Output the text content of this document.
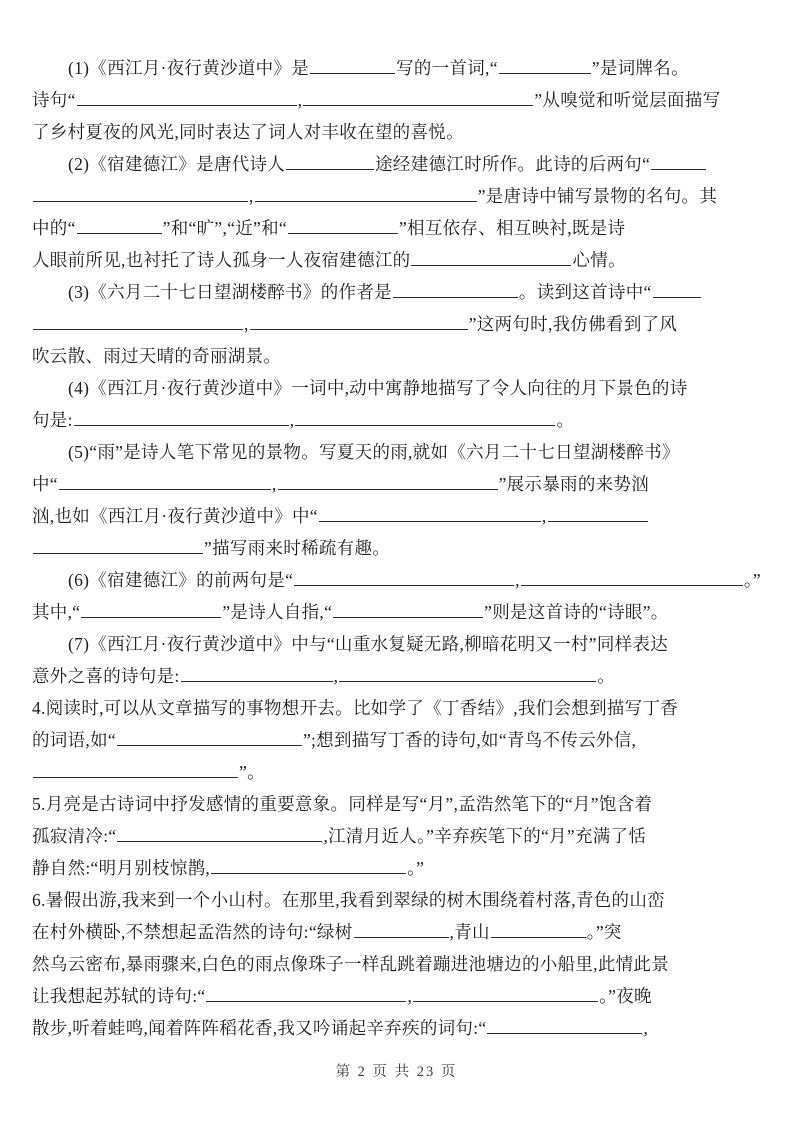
(1)《西江月·夜行黄沙道中》是	写的一首词,“	”是词牌名。
诗句“	,	”从嗅觉和听觉层面描写
了乡村夏夜的风光,同时表达了词人对丰收在望的喜悦。
(2)《宿建德江》是唐代诗人	途经建德江时所作。此诗的后两句“
,	”是唐诗中铺写景物的名句。其
中的“	”和“旷”,“近”和“	”相互依存、相互映衬,既是诗
人眼前所见,也衬托了诗人孤身一人夜宿建德江的	心情。
(3)《六月二十七日望湖楼醉书》的作者是	。读到这首诗中“
,	”这两句时,我仿佛看到了风
吹云散、雨过天晴的奇丽湖景。
(4)《西江月·夜行黄沙道中》一词中,动中寓静地描写了令人向往的月下景色的诗
句是:	,	。
(5)“雨”是诗人笔下常见的景物。写夏天的雨,就如《六月二十七日望湖楼醉书》
中“	,	”展示暴雨的来势汹
汹,也如《西江月·夜行黄沙道中》中“	,
”描写雨来时稀疏有趣。
(6)《宿建德江》的前两句是“	,	。”
其中,“	”是诗人自指,“	”则是这首诗的“诗眼”。
(7)《西江月·夜行黄沙道中》中与“山重水复疑无路,柳暗花明又一村”同样表达
意外之喜的诗句是:	,	。
4.阅读时,可以从文章描写的事物想开去。比如学了《丁香结》,我们会想到描写丁香
的词语,如“	”;想到描写丁香的诗句,如“青鸟不传云外信,
”。
5.月亮是古诗词中抒发感情的重要意象。同样是写“月”,孟浩然笔下的“月”饱含着
孤寂清冷:“	,江清月近人。”辛弃疾笔下的“月”充满了恬
静自然:“明月别枝惊鹊,	。”
6.暑假出游,我来到一个小山村。在那里,我看到翠绿的树木围绕着村落,青色的山峦
在村外横卧,不禁想起孟浩然的诗句:“绿树	,青山	。”突
然乌云密布,暴雨骤来,白色的雨点像珠子一样乱跳着蹦进池塘边的小船里,此情此景
让我想起苏轼的诗句:“	,	。”夜晚
散步,听着蛙鸣,闻着阵阵稻花香,我又吟诵起辛弃疾的词句:“	,
第 2 页 共 23 页
